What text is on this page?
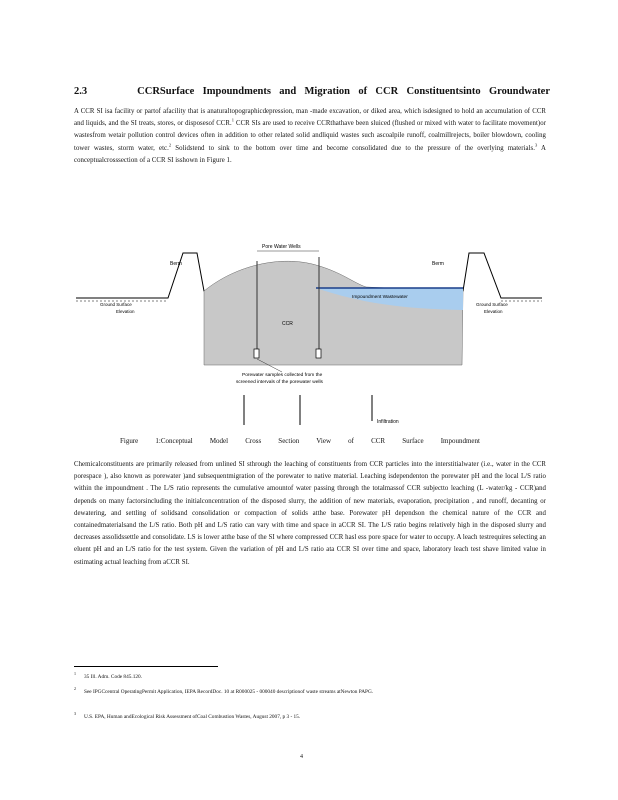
2.3	CCRSurface Impoundments and Migration of CCR Constituentsinto Groundwater

A CCR SI isa facility or partof afacility that is anaturaltopographicdepression, man -made excavation, or diked area, which isdesigned to hold an accumulation of CCR and liquids, and the SI treats, stores, or disposesof CCR.$^1$ CCR SIs are used to receive CCRthathave been sluiced (flushed or mixed with water to facilitate movement)or wastesfrom wetair pollution control devices often in addition to other related solid andliquid wastes such ascoalpile runoff, coalmillrejects, boiler blowdown, cooling tower wastes, storm water, etc.$^2$ Solidstend to sink to the bottom over time and become consolidated due to the pressure of the overlying materials.$^3$ A conceptualcrosssection of a CCR SI isshown in Figure 1.

Pore Water Wells
Berm	Berm
Ground Surface
Elevation
Ground Surface
Elevation
Impoundment Wastewater
CCR
Porewater samples collected from the
screened intervals of the porewater wells
Infiltration
Figure 1:Conceptual Model Cross Section View of CCR Surface Impoundment

Chemicalconstituents are primarily released from unlined SI sthrough the leaching of constituents from CCR particles into the interstitialwater (i.e., water in the CCR porespace ), also known as porewater )and subsequentmigration of the porewater to native material. Leaching isdependenton the porewater pH and the local L/S ratio within the impoundment . The L/S ratio represents the cumulative amountof water passing through the totalmassof CCR subjectto leaching (L -water/kg - CCR)and depends on many factorsincluding the initialconcentration of the disposed slurry, the addition of new materials, evaporation, precipitation , and runoff, decanting or dewatering, and settling of solidsand consolidation or compaction of solids atthe base. Porewater pH dependson the chemical nature of the CCR and containedmaterialsand the L/S ratio. Both pH and L/S ratio can vary with time and space in aCCR SI. The L/S ratio begins relatively high in the disposed slurry and decreases assolidssettle and consolidate. LS is lower atthe base of the SI where compressed CCR hasl ess pore space for water to occupy. A leach testrequires selecting an eluent pH and an L/S ratio for the test system. Given the variation of pH and L/S ratio ata CCR SI over time and space, laboratory leach test shave limited value in estimating actual leaching from aCCR SI.

$^1$35 Ill. Adm. Code 845.120.
$^2$See IPGCcentral OperatingPermit Application, IEPA RecordDoc. 10 at R000025 - 000040 descriptionof waste streams atNewton PAPG.
$^3$U.S. EPA, Human andEcological Risk Assessment ofCoal Combustion Wastes, August 2007, p 3 - 15.
4
